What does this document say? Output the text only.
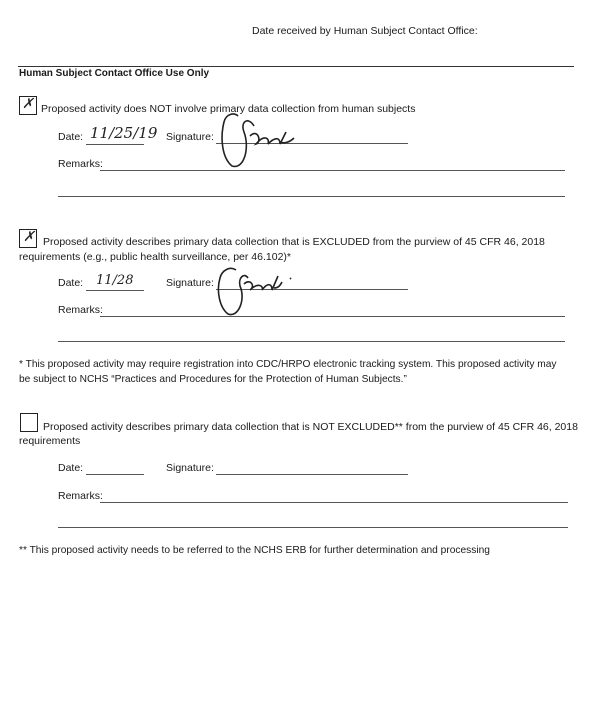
Date received by Human Subject Contact Office:
Human Subject Contact Office Use Only
✗ Proposed activity does NOT involve primary data collection from human subjects
Date: 11/25/19 Signature:
Remarks:
✗ Proposed activity describes primary data collection that is EXCLUDED from the purview of 45 CFR 46, 2018
requirements (e.g., public health surveillance, per 46.102)*
Date: 11/28	Signature:
Remarks:
* This proposed activity may require registration into CDC/HRPO electronic tracking system. This proposed activity may
be subject to NCHS “Practices and Procedures for the Protection of Human Subjects.”
Proposed activity describes primary data collection that is NOT EXCLUDED** from the purview of 45 CFR 46, 2018
requirements
Date:	Signature:
Remarks:
** This proposed activity needs to be referred to the NCHS ERB for further determination and processing
